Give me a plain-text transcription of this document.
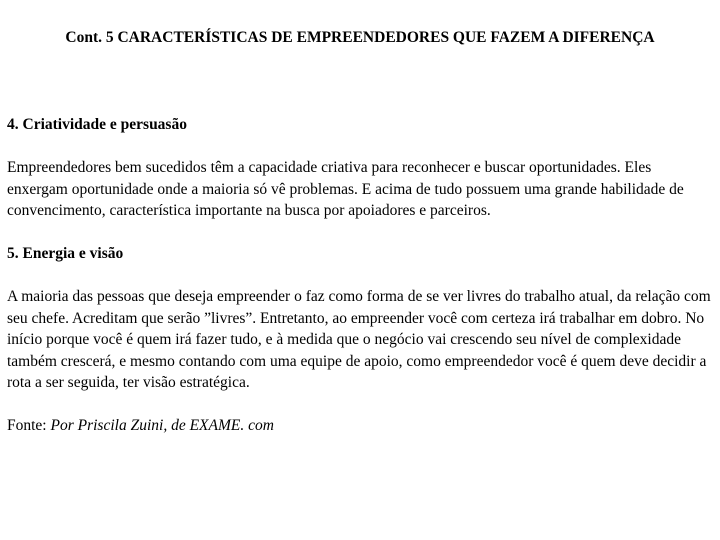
Cont. 5 CARACTERÍSTICAS DE EMPREENDEDORES QUE FAZEM A DIFERENÇA
4. Criatividade e persuasão
Empreendedores bem sucedidos têm a capacidade criativa para reconhecer e buscar oportunidades. Eles enxergam oportunidade onde a maioria só vê problemas. E acima de tudo possuem uma grande habilidade de convencimento, característica importante na busca por apoiadores e parceiros.
5. Energia e visão
A maioria das pessoas que deseja empreender o faz como forma de se ver livres do trabalho atual, da relação com seu chefe. Acreditam que serão ”livres”. Entretanto, ao empreender você com certeza irá trabalhar em dobro. No início porque você é quem irá fazer tudo, e à medida que o negócio vai crescendo seu nível de complexidade também crescerá, e mesmo contando com uma equipe de apoio, como empreendedor você é quem deve decidir a rota a ser seguida, ter visão estratégica.
Fonte: Por Priscila Zuini, de EXAME. com
